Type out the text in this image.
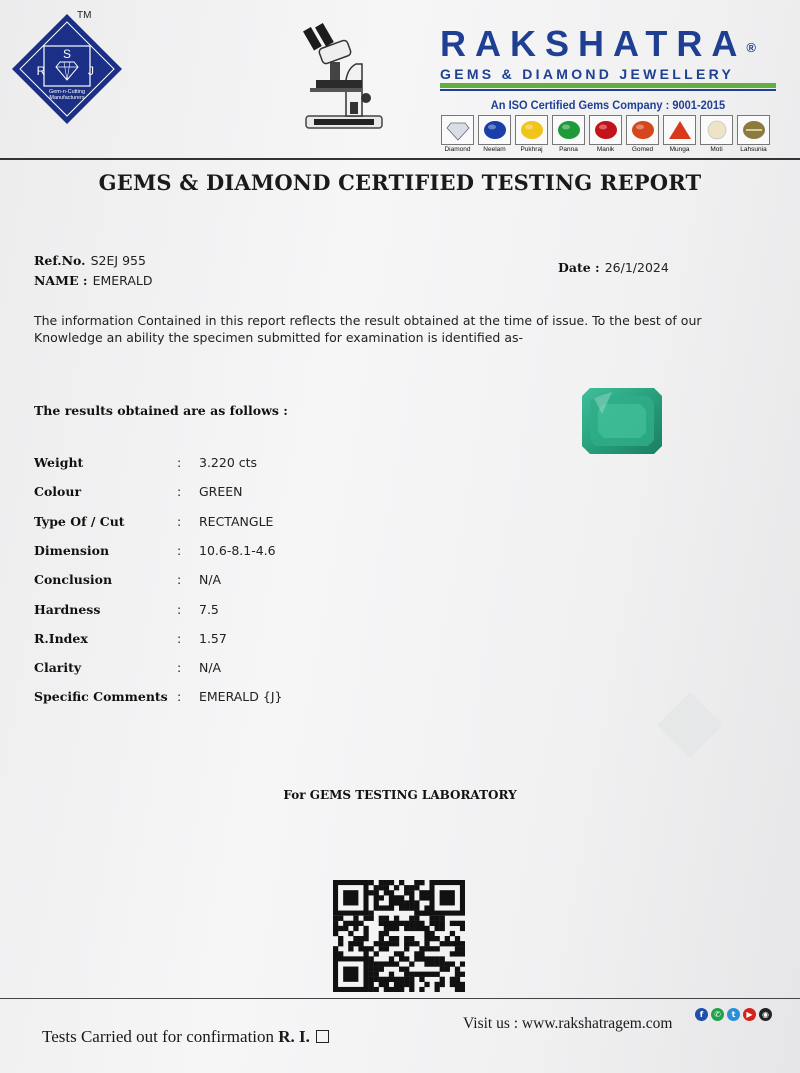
S
R	J
Gem-n-Cutting
Manufacturers
TM
RAKSHATRA®
GEMS & DIAMOND JEWELLERY
An ISO Certified Gems Company : 9001-2015
Diamond	Neelam	Pukhraj	Panna	Manik	Gomed	Munga	Moti	Lahsunia
GEMS & DIAMOND CERTIFIED TESTING REPORT
Ref.No. S2EJ 955
NAME : EMERALD
Date : 26/1/2024
The information Contained in this report reflects the result obtained at the time of issue. To the best of our
Knowledge an ability the specimen submitted for examination is identified as-
The results obtained are as follows :
Weight	: 3.220 cts
Colour	: GREEN
Type Of / Cut	: RECTANGLE
Dimension	: 10.6-8.1-4.6
Conclusion	: N/A
Hardness	: 7.5
R.Index	: 1.57
Clarity	: N/A
Specific Comments : EMERALD {J}
For GEMS TESTING LABORATORY
Tests Carried out for confirmation R. I.
Visit us : www.rakshatragem.com
f	✆	t	▶	◉
